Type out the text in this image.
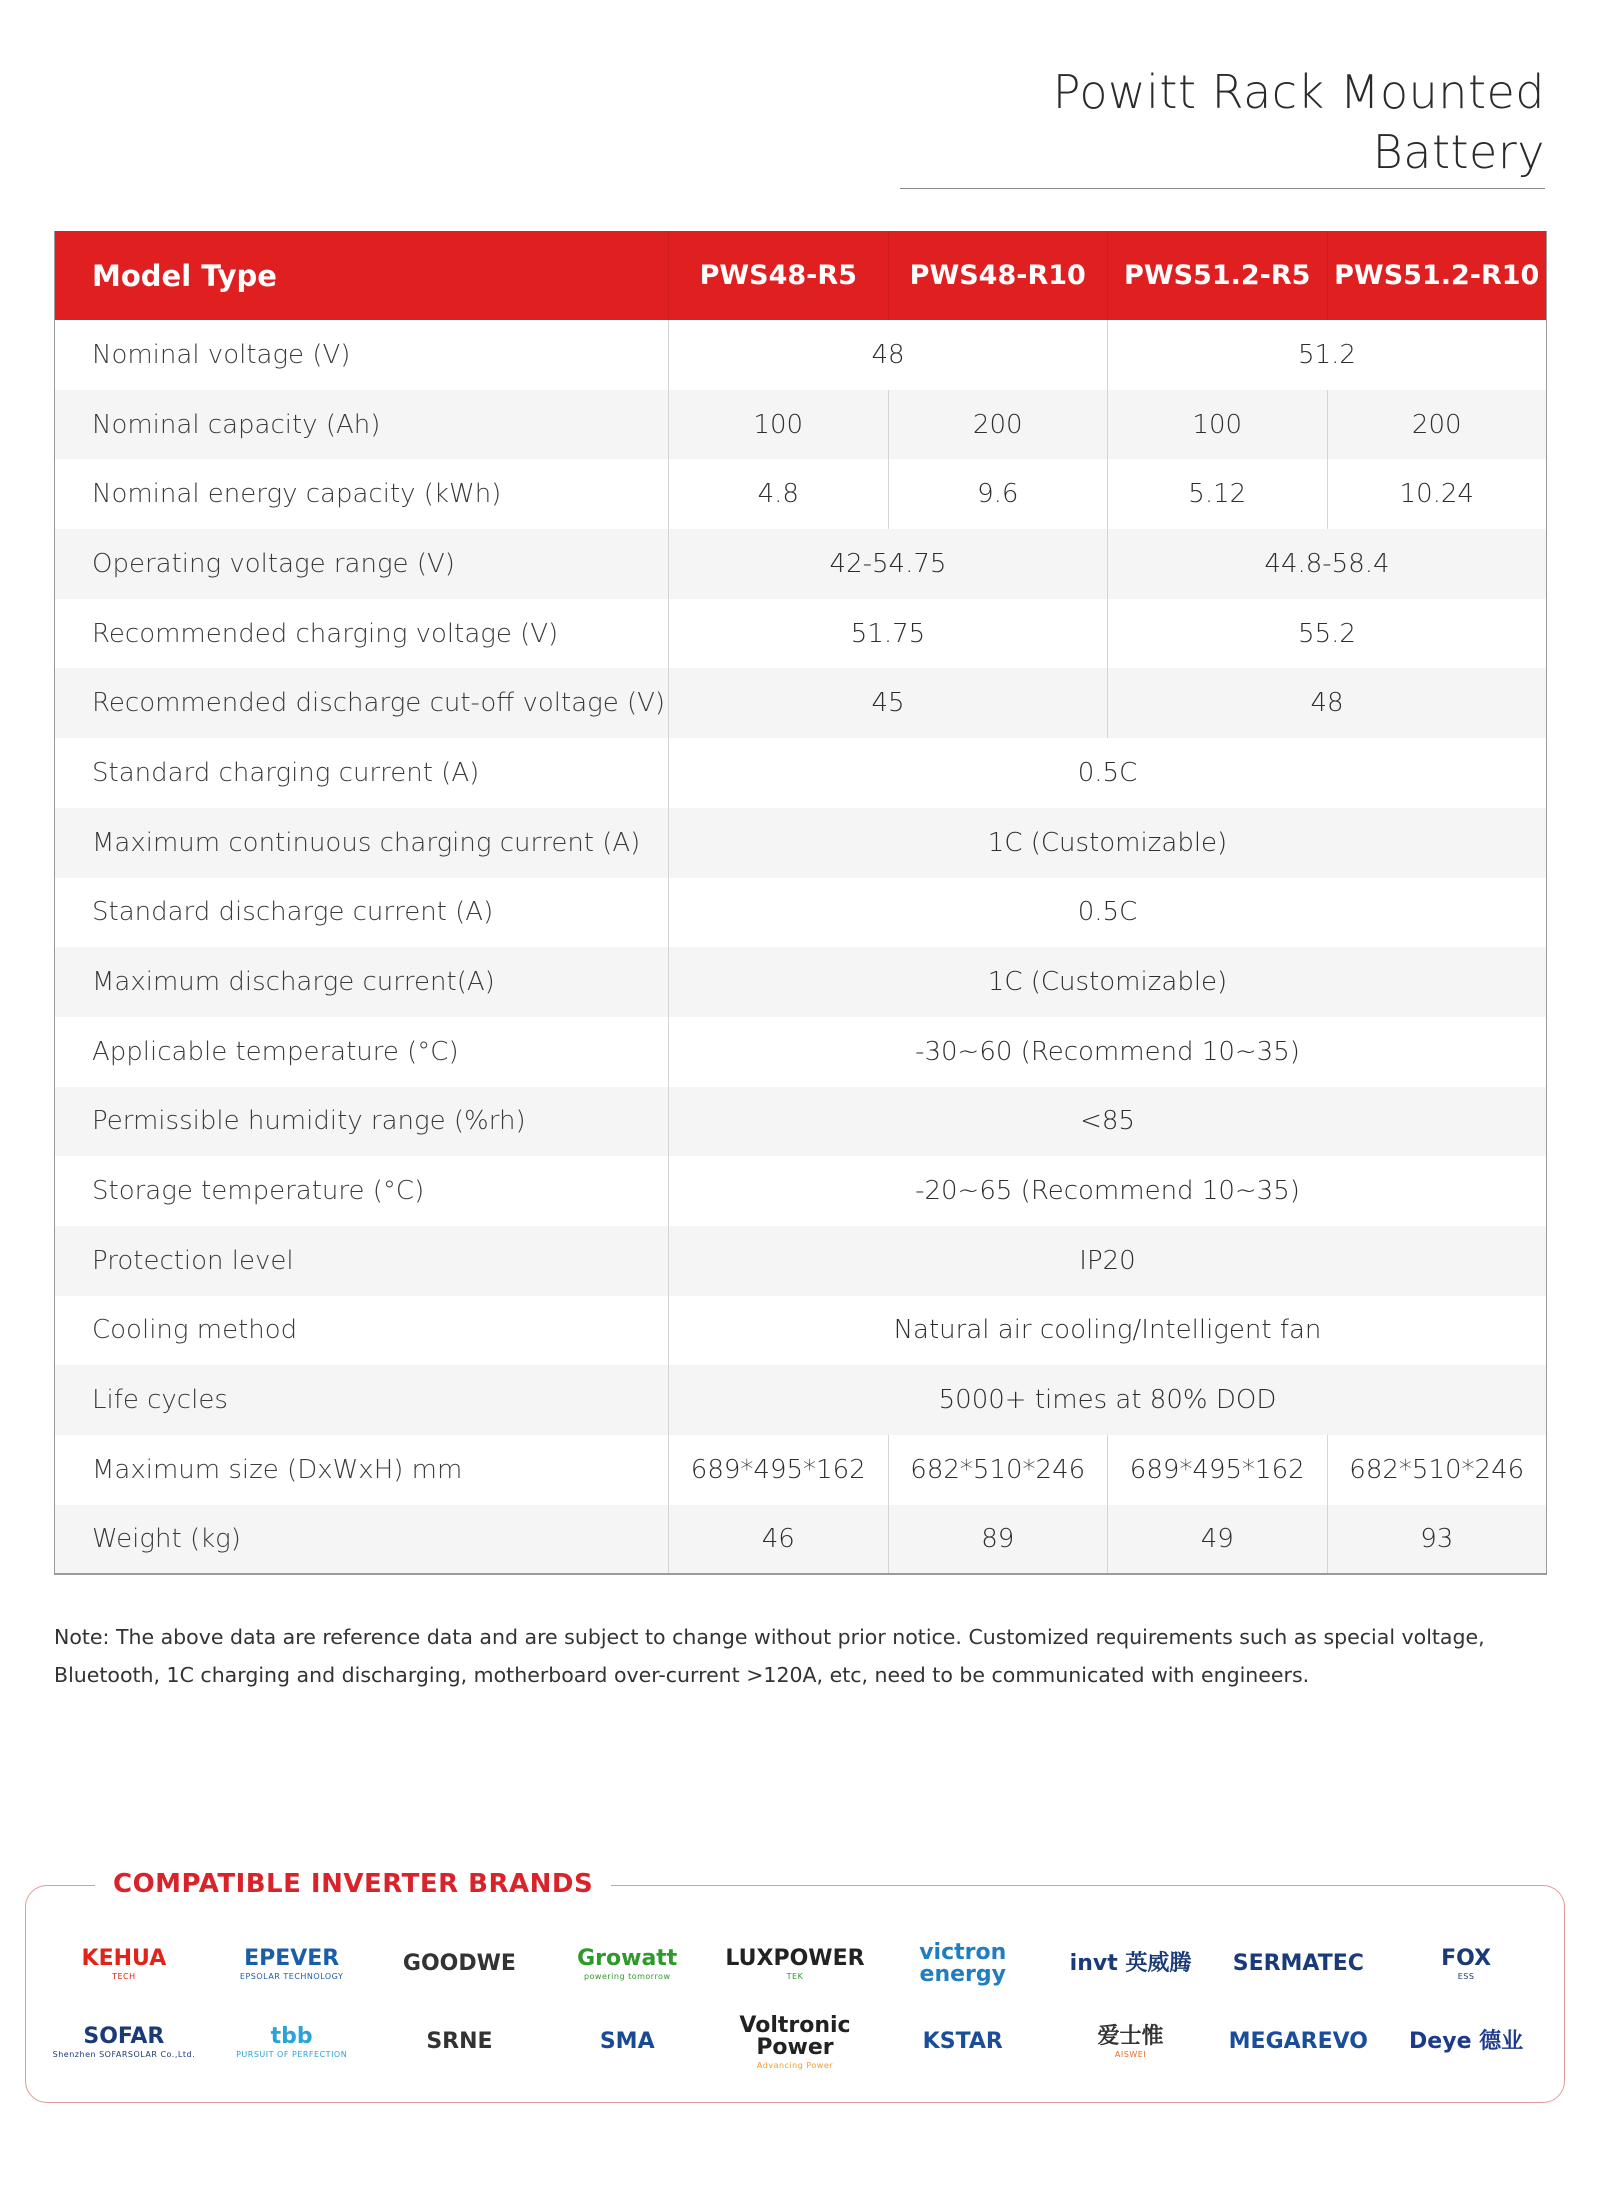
Powitt Rack Mounted Battery
Model Type	PWS48-R5	PWS48-R10	PWS51.2-R5	PWS51.2-R10
Nominal voltage (V)	48		51.2	
Nominal capacity (Ah)	100	200	100	200
Nominal energy capacity (kWh)	4.8	9.6	5.12	10.24
Operating voltage range (V)	42-54.75		44.8-58.4	
Recommended charging voltage (V)	51.75		55.2	
Recommended discharge cut-off voltage (V)	45		48	
Standard charging current (A)	0.5C			
Maximum continuous charging current (A)	1C (Customizable)			
Standard discharge current (A)	0.5C			
Maximum discharge current(A)	1C (Customizable)			
Applicable temperature (°C)	-30~60 (Recommend 10~35)			
Permissible humidity range (%rh)	<85			
Storage temperature (°C)	-20~65 (Recommend 10~35)			
Protection level	IP20			
Cooling method	Natural air cooling/Intelligent fan			
Life cycles	5000+ times at 80% DOD			
Maximum size (DxWxH) mm	689*495*162	682*510*246	689*495*162	682*510*246
Weight (kg)	46	89	49	93
Note: The above data are reference data and are subject to change without prior notice. Customized requirements such as special voltage,
Bluetooth, 1C charging and discharging, motherboard over-current >120A, etc, need to be communicated with engineers.
COMPATIBLE INVERTER BRANDS
KEHUA
TECH
EPEVER
EPSOLAR TECHNOLOGY	GOODWE	Growatt
powering tomorrow
LUXPOWER
TEK
victron energy	invt 英威腾 SERMATEC	FOX
ESS
SOFAR
Shenzhen SOFARSOLAR Co.,Ltd.
tbb
PURSUIT OF PERFECTION	SRNE	SMA
Voltronic Power
Advancing Power
KSTAR	爱士惟
AISWEI	MEGAREVO Deye 德业
